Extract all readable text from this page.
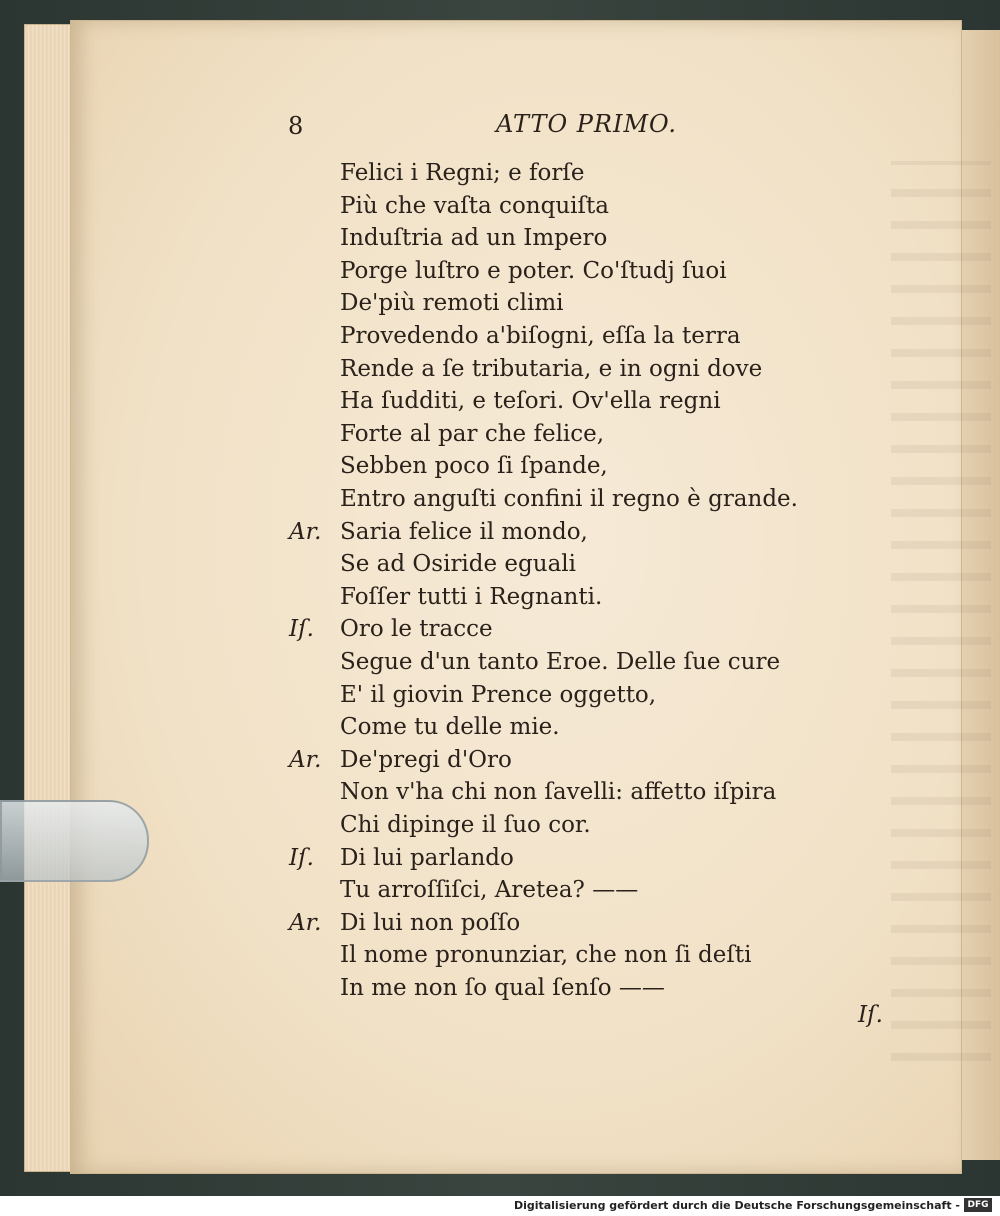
8	ATTO PRIMO.
Felici i Regni; e forſe
Più che vaſta conquiſta
Induſtria ad un Impero
Porge luſtro e poter. Co'ſtudj ſuoi
De'più remoti climi
Provedendo a'biſogni, eſſa la terra
Rende a ſe tributaria, e in ogni dove
Ha ſudditi, e teſori. Ov'ella regni
Forte al par che felice,
Sebben poco ſi ſpande,
Entro anguſti confini il regno è grande.
Ar. Saria felice il mondo,
Se ad Osiride eguali
Foſſer tutti i Regnanti.
Iſ. Oro le tracce
Segue d'un tanto Eroe. Delle ſue cure
E' il giovin Prence oggetto,
Come tu delle mie.
Ar. De'pregi d'Oro
Non v'ha chi non ſavelli: affetto iſpira
Chi dipinge il ſuo cor.
Iſ. Di lui parlando
Tu arroſſiſci, Aretea? ——
Ar. Di lui non poſſo
Il nome pronunziar, che non ſi deſti
In me non ſo qual ſenſo ——
Iſ.
Digitalisierung gefördert durch die Deutsche Forschungsgemeinschaft - DFG
